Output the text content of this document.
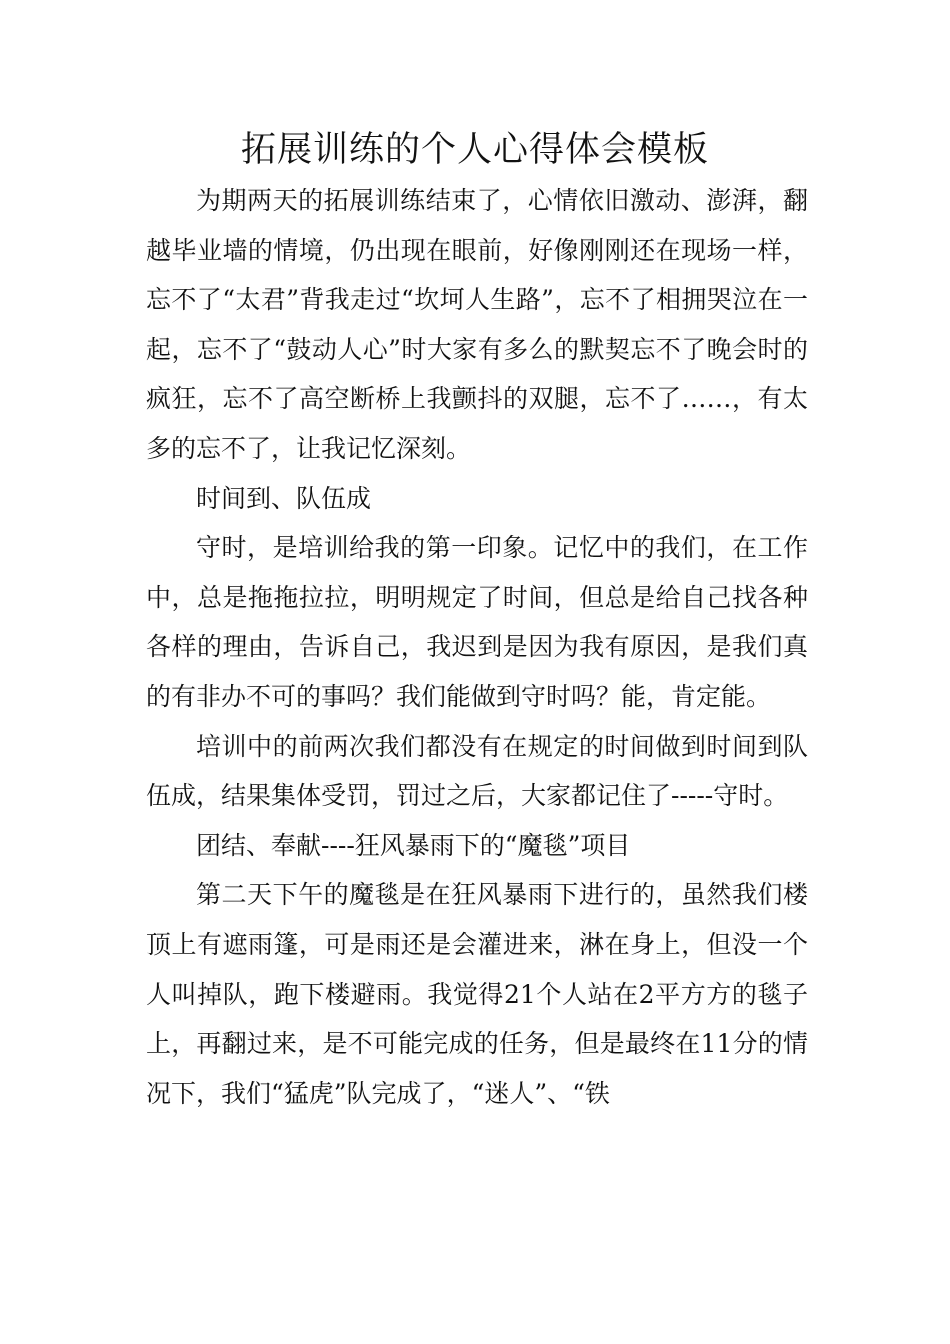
拓展训练的个人心得体会模板

为期两天的拓展训练结束了，心情依旧激动、澎湃，翻越毕业墙的情境，仍出现在眼前，好像刚刚还在现场一样，忘不了“太君”背我走过“坎坷人生路”，忘不了相拥哭泣在一起，忘不了“鼓动人心”时大家有多么的默契忘不了晚会时的疯狂，忘不了高空断桥上我颤抖的双腿，忘不了……，有太多的忘不了，让我记忆深刻。

时间到、队伍成

守时，是培训给我的第一印象。记忆中的我们，在工作中，总是拖拖拉拉，明明规定了时间，但总是给自己找各种各样的理由，告诉自己，我迟到是因为我有原因，是我们真的有非办不可的事吗？我们能做到守时吗？能，肯定能。

培训中的前两次我们都没有在规定的时间做到时间到队伍成，结果集体受罚，罚过之后，大家都记住了-----守时。

团结、奉献----狂风暴雨下的“魔毯”项目

第二天下午的魔毯是在狂风暴雨下进行的，虽然我们楼顶上有遮雨篷，可是雨还是会灌进来，淋在身上，但没一个人叫掉队，跑下楼避雨。我觉得21个人站在2平方方的毯子上，再翻过来，是不可能完成的任务，但是最终在11分的情况下，我们“猛虎”队完成了，“迷人”、“铁
